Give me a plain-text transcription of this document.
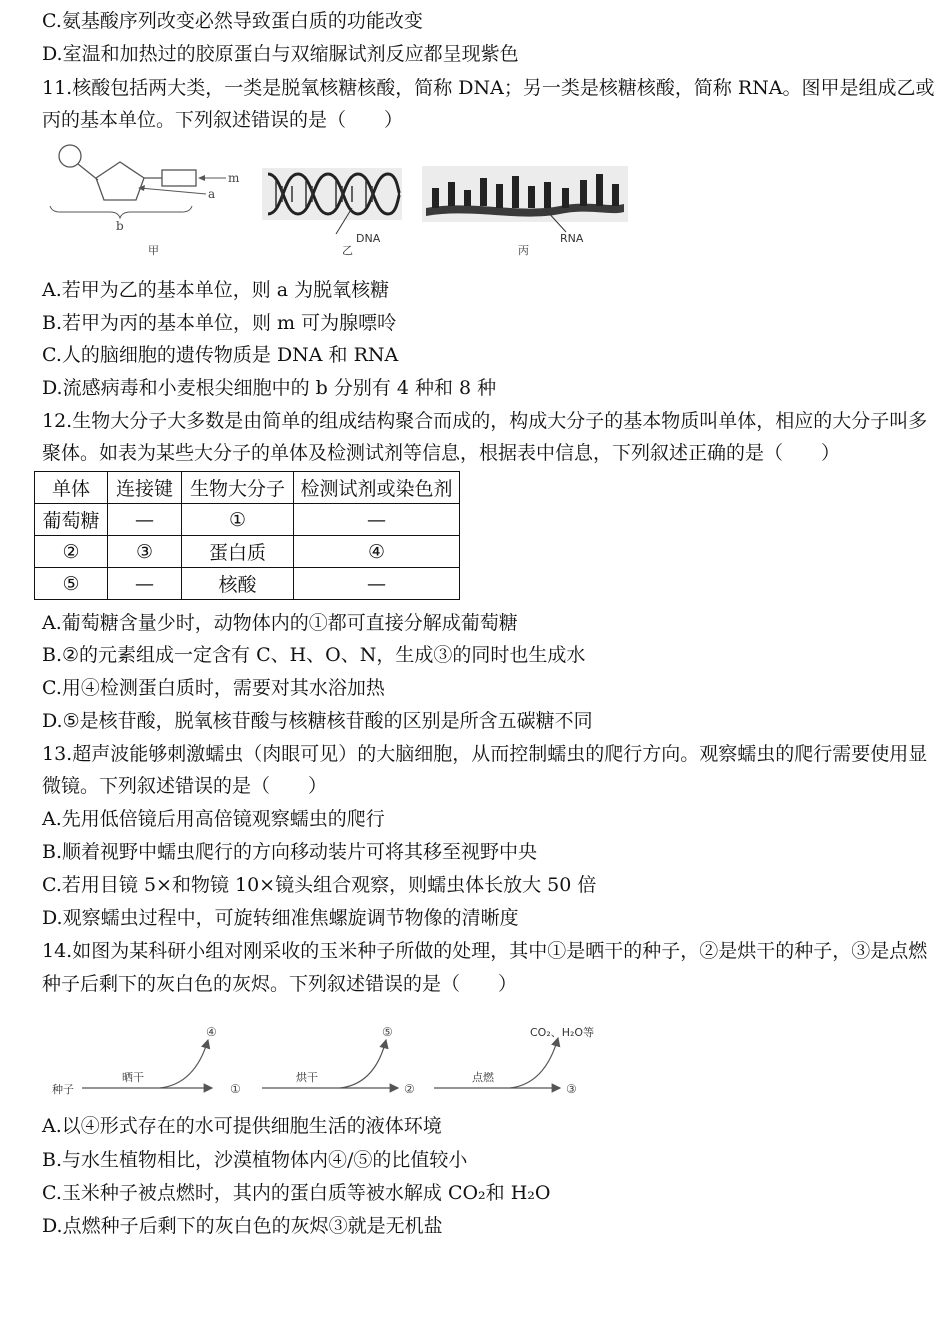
C.氨基酸序列改变必然导致蛋白质的功能改变
D.室温和加热过的胶原蛋白与双缩脲试剂反应都呈现紫色
11.核酸包括两大类，一类是脱氧核糖核酸，简称 DNA；另一类是核糖核酸，简称 RNA。图甲是组成乙或
丙的基本单位。下列叙述错误的是（　　）
m
a
b
甲
DNA
乙
RNA
丙
A.若甲为乙的基本单位，则 a 为脱氧核糖
B.若甲为丙的基本单位，则 m 可为腺嘌呤
C.人的脑细胞的遗传物质是 DNA 和 RNA
D.流感病毒和小麦根尖细胞中的 b 分别有 4 种和 8 种
12.生物大分子大多数是由简单的组成结构聚合而成的，构成大分子的基本物质叫单体，相应的大分子叫多
聚体。如表为某些大分子的单体及检测试剂等信息，根据表中信息，下列叙述正确的是（　　）
单体	连接键	生物大分子	检测试剂或染色剂
葡萄糖	—	①	—
②	③	蛋白质	④
⑤	—	核酸	—
A.葡萄糖含量少时，动物体内的①都可直接分解成葡萄糖
B.②的元素组成一定含有 C、H、O、N，生成③的同时也生成水
C.用④检测蛋白质时，需要对其水浴加热
D.⑤是核苷酸，脱氧核苷酸与核糖核苷酸的区别是所含五碳糖不同
13.超声波能够刺激蠕虫（肉眼可见）的大脑细胞，从而控制蠕虫的爬行方向。观察蠕虫的爬行需要使用显
微镜。下列叙述错误的是（　　）
A.先用低倍镜后用高倍镜观察蠕虫的爬行
B.顺着视野中蠕虫爬行的方向移动装片可将其移至视野中央
C.若用目镜 5×和物镜 10×镜头组合观察，则蠕虫体长放大 50 倍
D.观察蠕虫过程中，可旋转细准焦螺旋调节物像的清晰度
14.如图为某科研小组对刚采收的玉米种子所做的处理，其中①是晒干的种子，②是烘干的种子，③是点燃
种子后剩下的灰白色的灰烬。下列叙述错误的是（　　）
种子
晒干
①
④
烘干
②
⑤
点燃
③
CO₂、H₂O等
A.以④形式存在的水可提供细胞生活的液体环境
B.与水生植物相比，沙漠植物体内④/⑤的比值较小
C.玉米种子被点燃时，其内的蛋白质等被水解成 CO₂和 H₂O
D.点燃种子后剩下的灰白色的灰烬③就是无机盐
